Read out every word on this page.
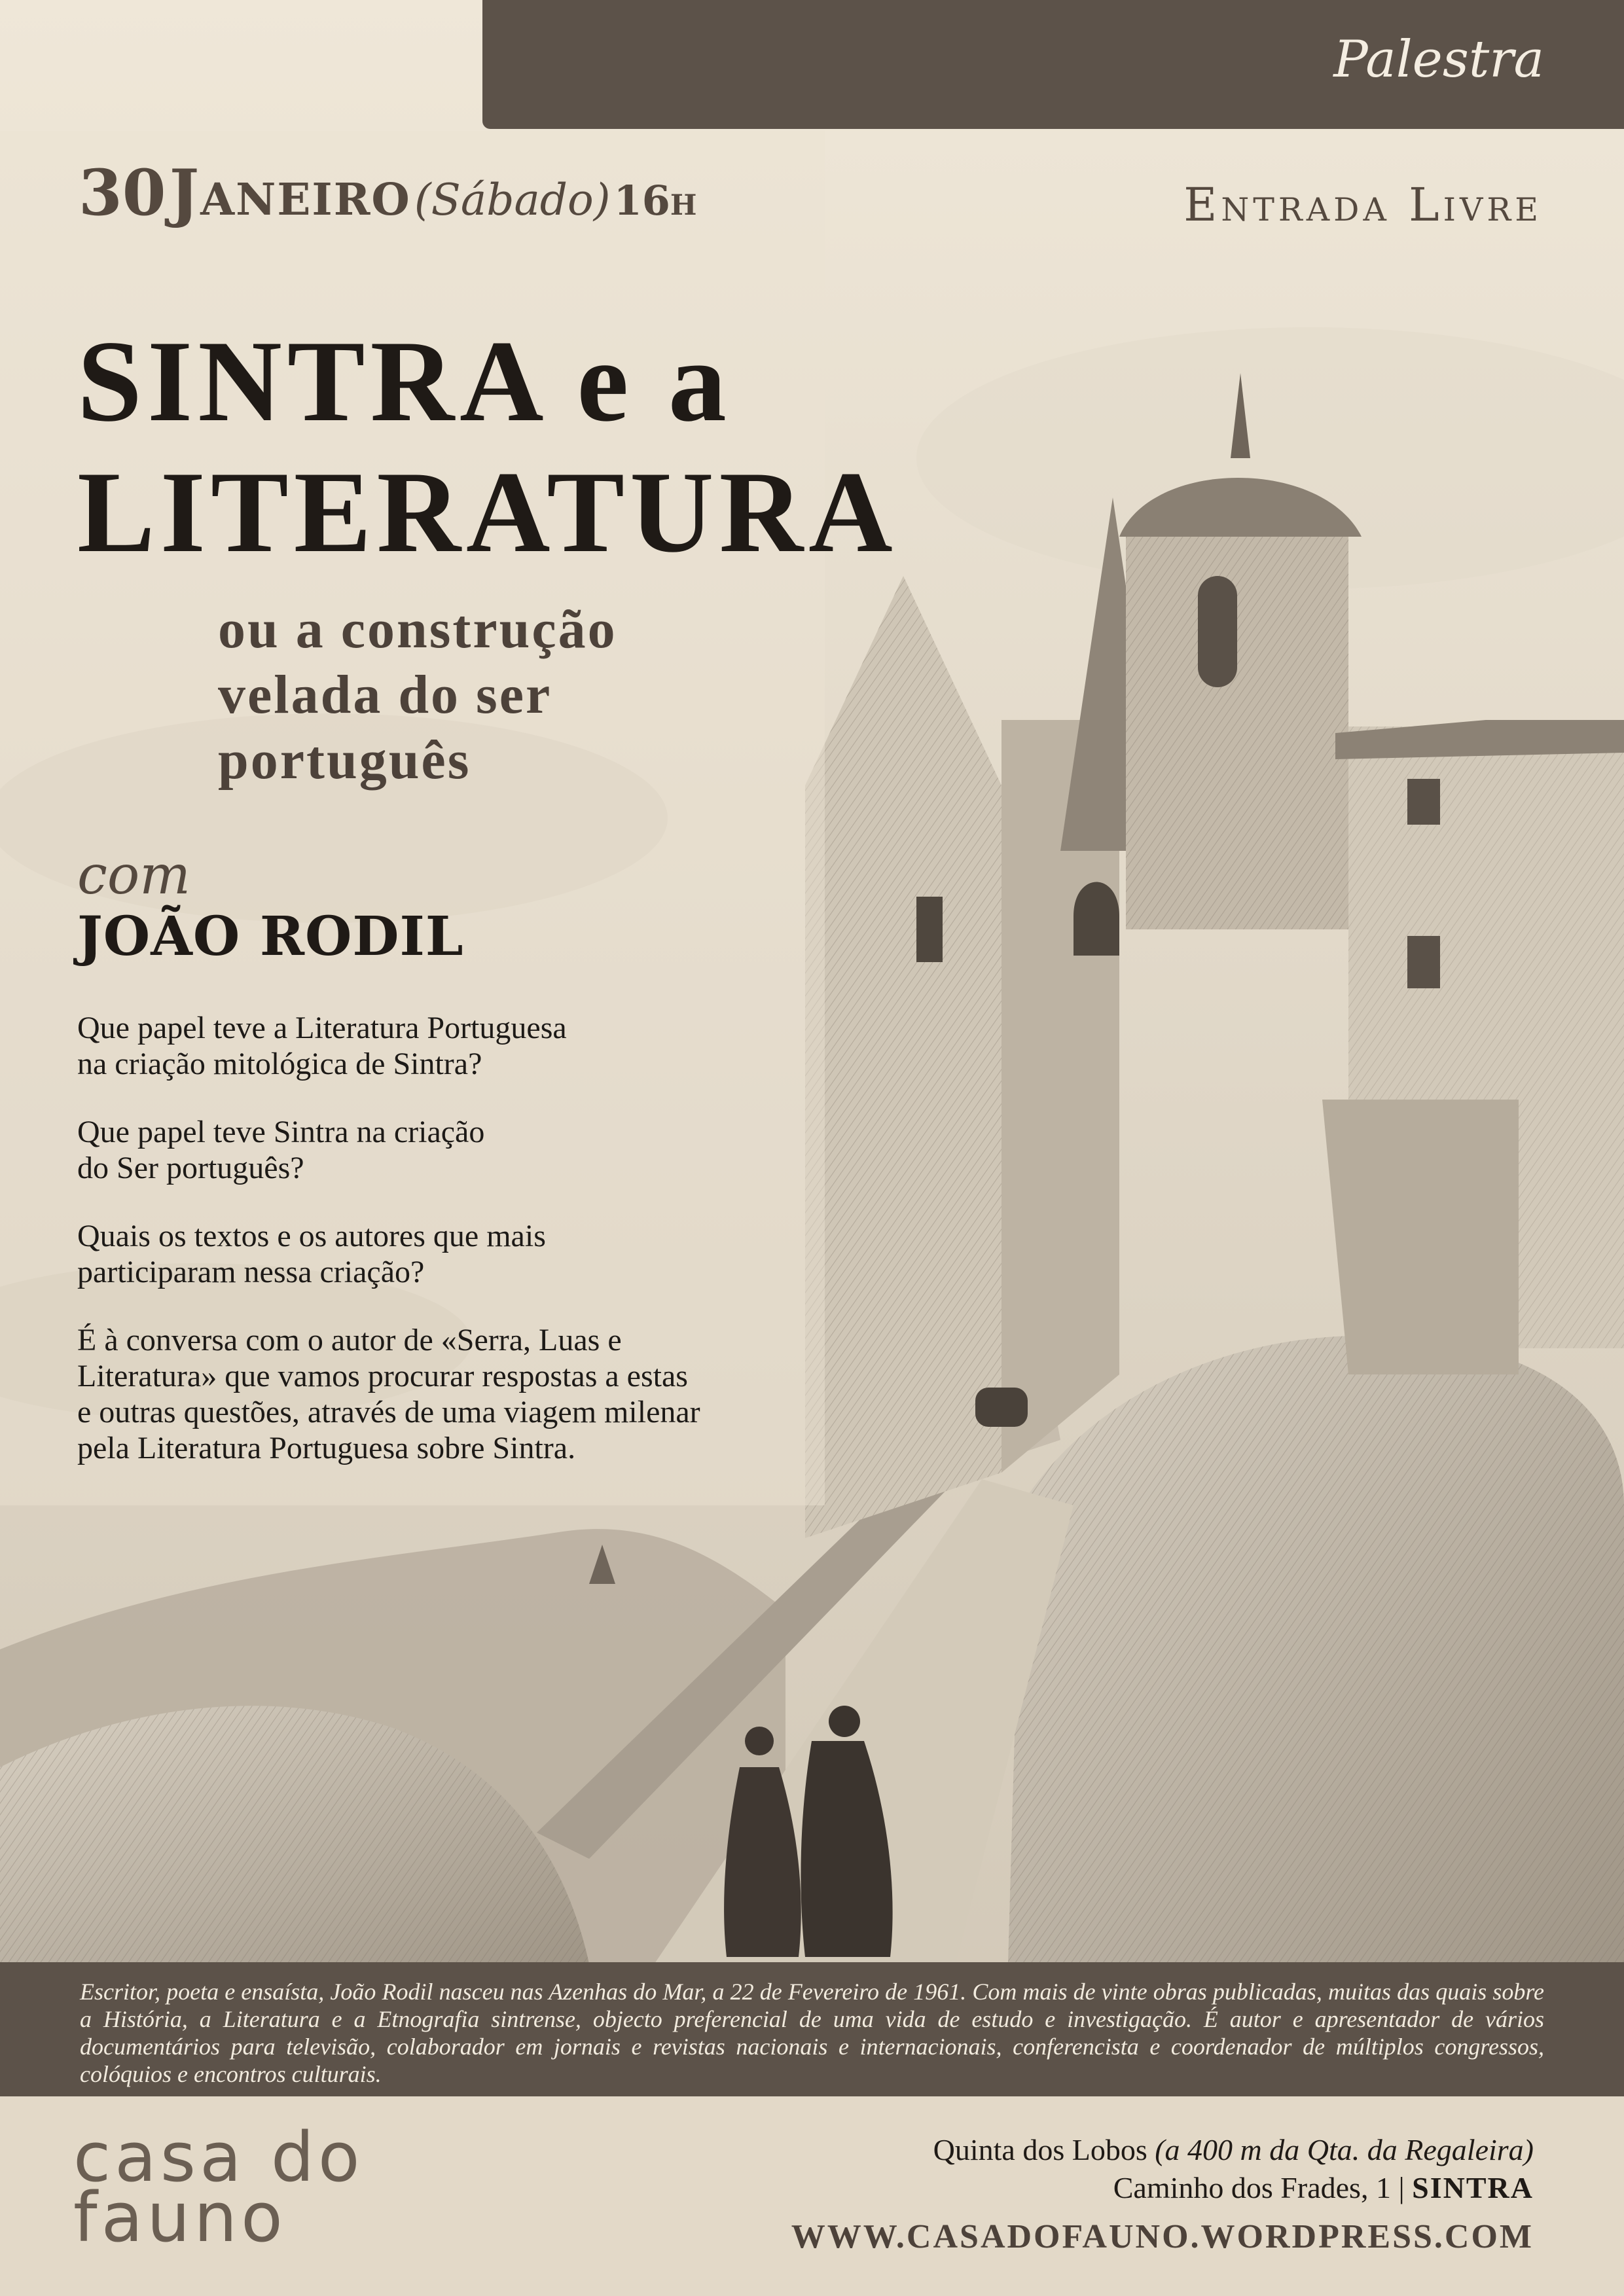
Palestra
30 Janeiro (Sábado) 16h	Entrada Livre
SINTRA e a
LITERATURA
ou a construção
velada do ser
português
com
JOÃO RODIL

Que papel teve a Literatura Portuguesa
na criação mitológica de Sintra?

Que papel teve Sintra na criação
do Ser português?

Quais os textos e os autores que mais
participaram nessa criação?

É à conversa com o autor de «Serra, Luas e
Literatura» que vamos procurar respostas a estas
e outras questões, através de uma viagem milenar
pela Literatura Portuguesa sobre Sintra.

Escritor, poeta e ensaísta, João Rodil nasceu nas Azenhas do Mar, a 22 de Fevereiro de 1961. Com mais de vinte obras publicadas, muitas das quais sobre a História, a Literatura e a Etnografia sintrense, objecto preferencial de uma vida de estudo e investigação. É autor e apresentador de vários documentários para televisão, colaborador em jornais e revistas nacionais e internacionais, conferencista e coordenador de múltiplos congressos, colóquios e encontros culturais.
casa do
fauno
Quinta dos Lobos (a 400 m da Qta. da Regaleira)
Caminho dos Frades, 1 | SINTRA
WWW.CASADOFAUNO.WORDPRESS.COM
